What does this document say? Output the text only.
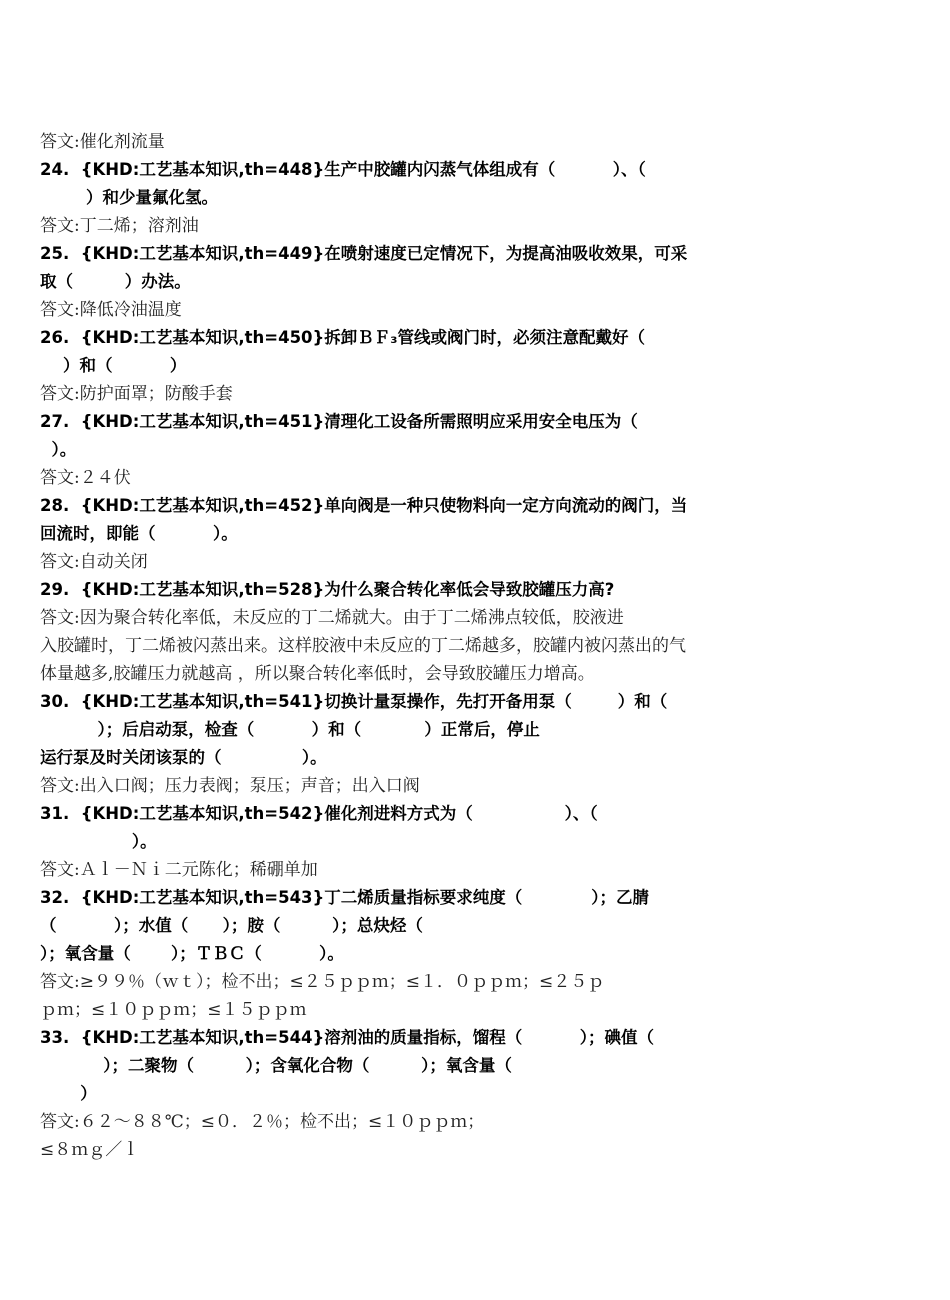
答文:催化剂流量
24.  {KHD:工艺基本知识,th=448}生产中胶罐内闪蒸气体组成有（          ）、（
）和少量氟化氢。
答文:丁二烯；溶剂油
25.  {KHD:工艺基本知识,th=449}在喷射速度已定情况下，为提高油吸收效果，可采
取（         ）办法。
答文:降低冷油温度
26.  {KHD:工艺基本知识,th=450}拆卸ＢＦ₃管线或阀门时，必须注意配戴好（
）和（          ）
答文:防护面罩；防酸手套
27.  {KHD:工艺基本知识,th=451}清理化工设备所需照明应采用安全电压为（
）。
答文:２４伏
28.  {KHD:工艺基本知识,th=452}单向阀是一种只使物料向一定方向流动的阀门，当
回流时，即能（          ）。
答文:自动关闭
29.  {KHD:工艺基本知识,th=528}为什么聚合转化率低会导致胶罐压力高?
答文:因为聚合转化率低，未反应的丁二烯就大。由于丁二烯沸点较低，胶液进
入胶罐时，丁二烯被闪蒸出来。这样胶液中未反应的丁二烯越多，胶罐内被闪蒸出的气
体量越多,胶罐压力就越高 ，所以聚合转化率低时，会导致胶罐压力增高。
30.  {KHD:工艺基本知识,th=541}切换计量泵操作，先打开备用泵（        ）和（
）；后启动泵，检查（          ）和（           ）正常后，停止
运行泵及时关闭该泵的（              ）。
答文:出入口阀；压力表阀；泵压；声音；出入口阀
31.  {KHD:工艺基本知识,th=542}催化剂进料方式为（                ）、（
）。
答文:Ａｌ－Ｎｉ二元陈化；稀硼单加
32.  {KHD:工艺基本知识,th=543}丁二烯质量指标要求纯度（            ）；乙腈
（          ）；水值（      ）；胺（         ）；总炔烃（
）；氧含量（       ）；ＴＢＣ（          ）。
答文:≥９９％（ｗｔ）；检不出；≤２５ｐｐｍ；≤１．０ｐｐｍ；≤２５ｐ
ｐｍ；≤１０ｐｐｍ；≤１５ｐｐｍ
33.  {KHD:工艺基本知识,th=544}溶剂油的质量指标，馏程（          ）；碘值（
）；二聚物（         ）；含氧化合物（         ）；氧含量（
）
答文:６２～８８℃；≤０．２％；检不出；≤１０ｐｐｍ；
≤８ｍｇ／ｌ
